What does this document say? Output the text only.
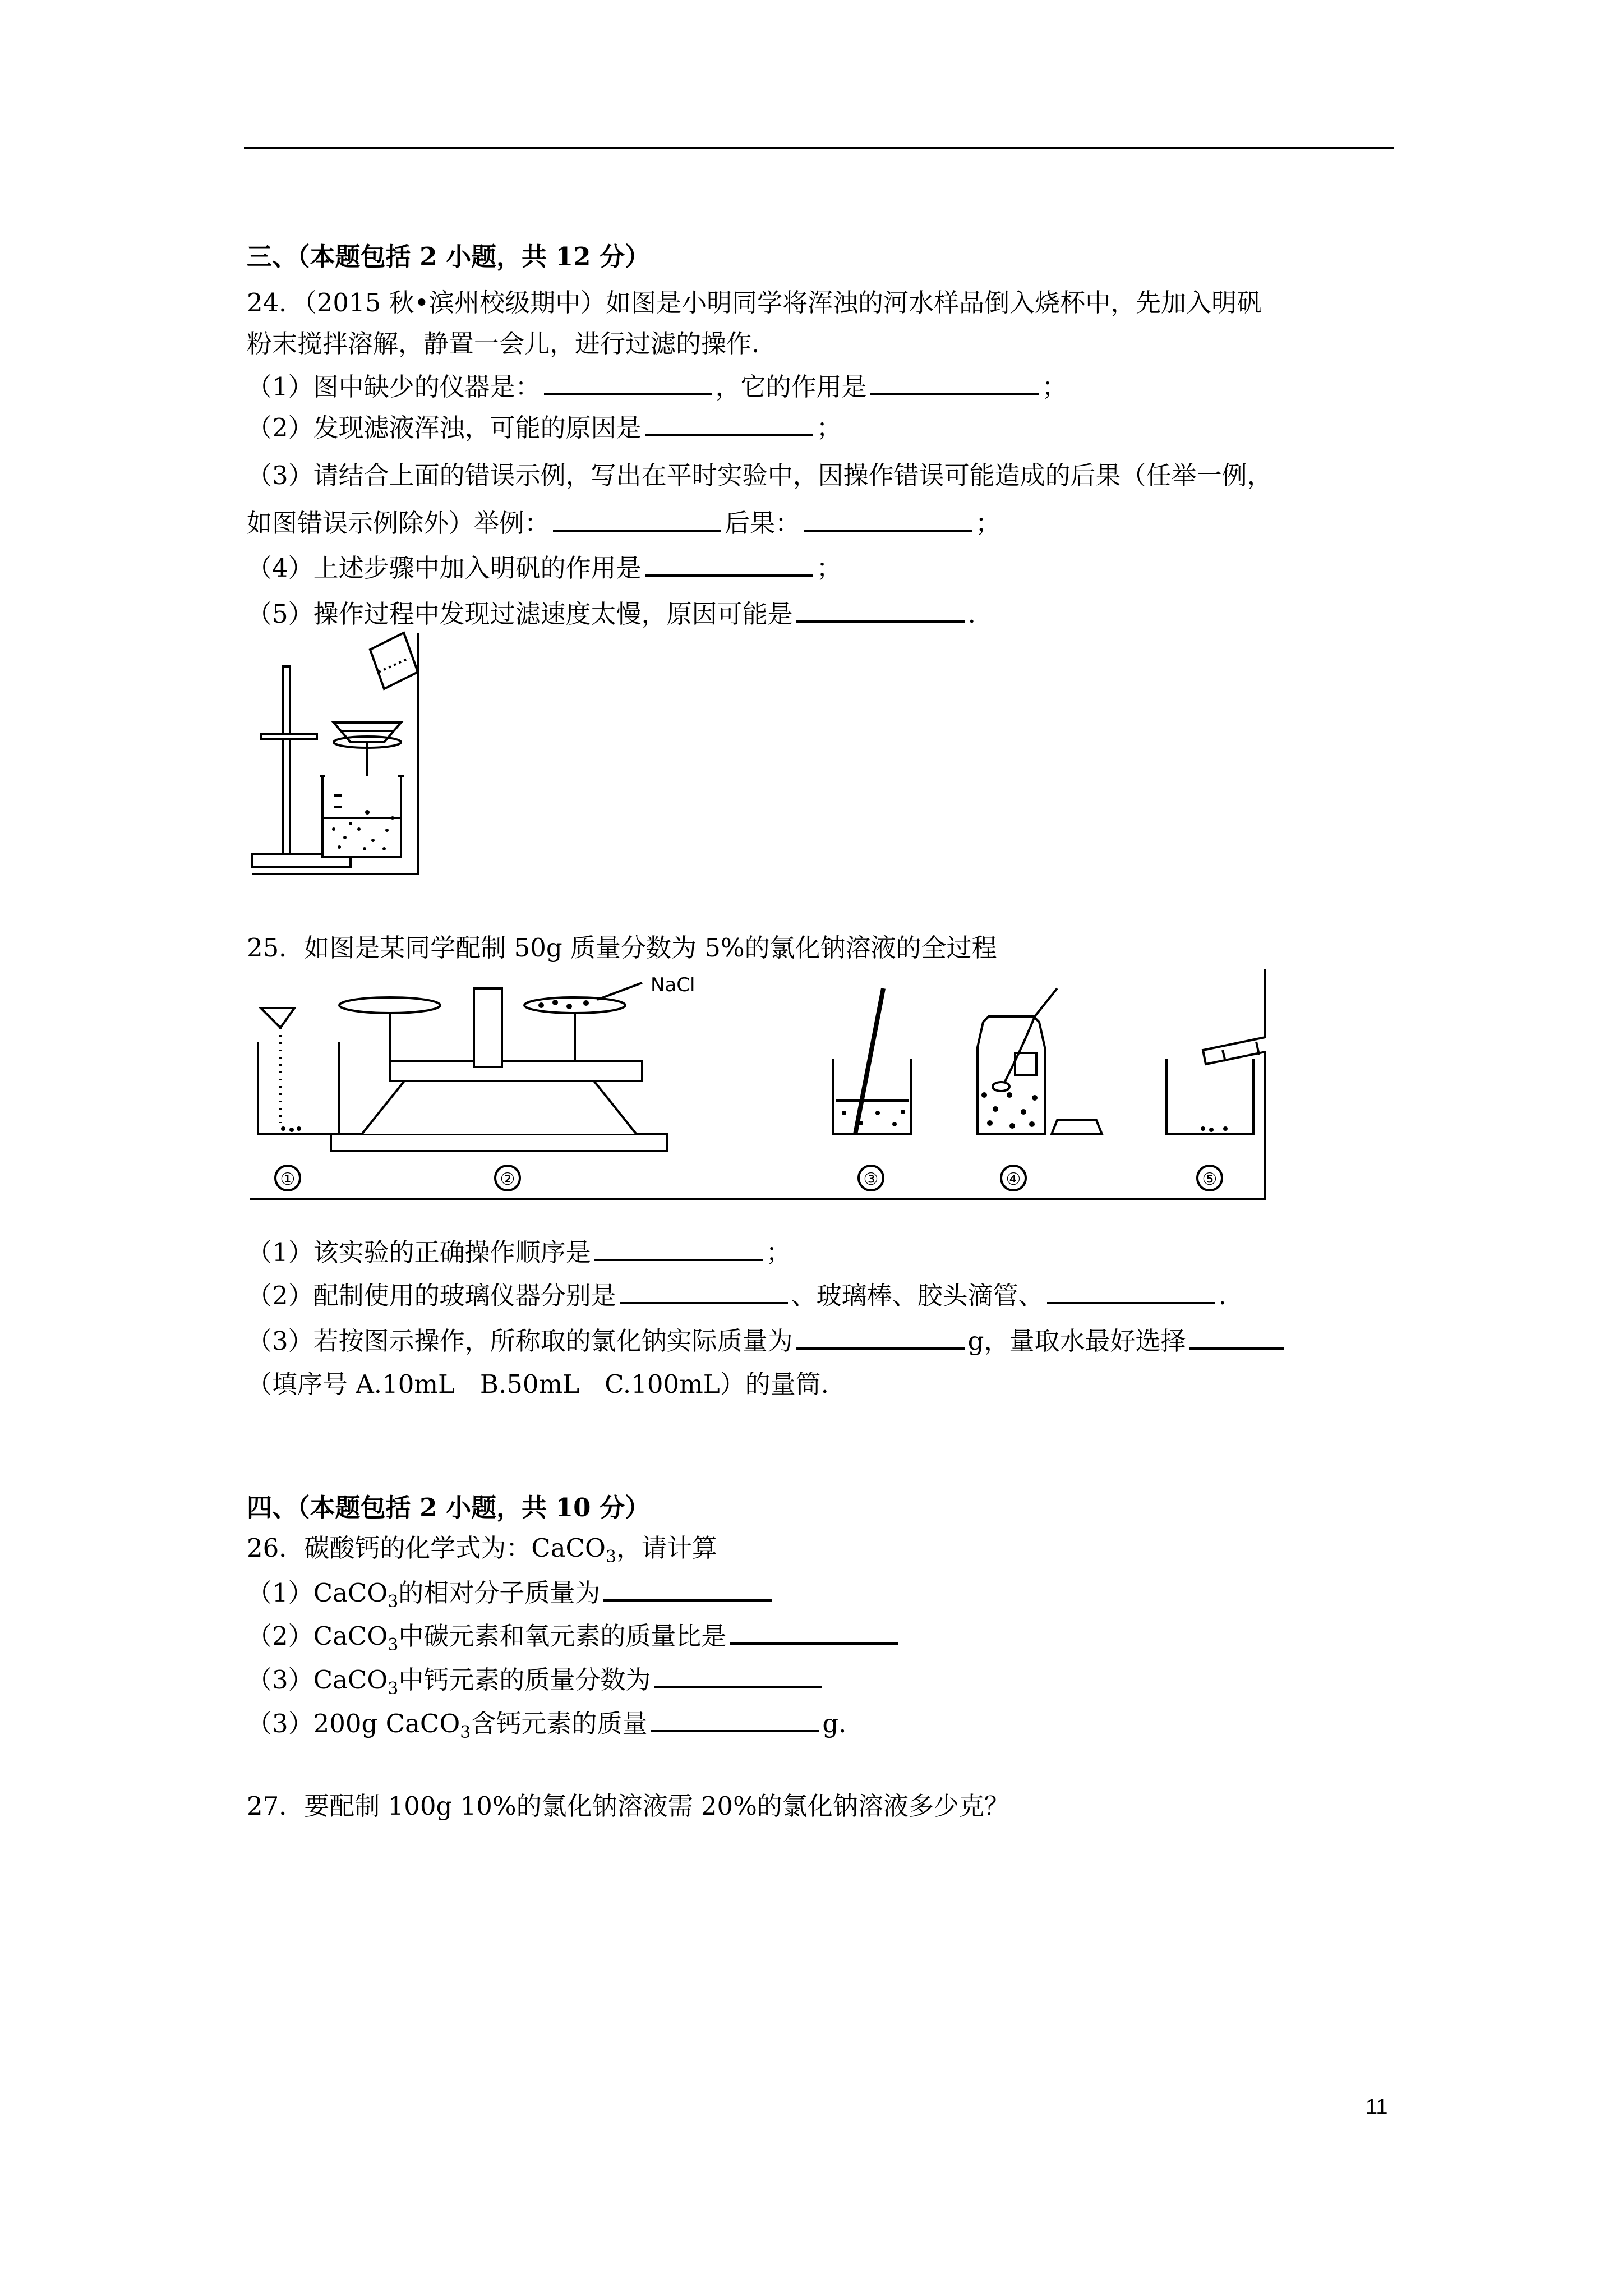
三、（本题包括 2 小题，共 12 分）
24．（2015 秋•滨州校级期中）如图是小明同学将浑浊的河水样品倒入烧杯中，先加入明矾
粉末搅拌溶解，静置一会儿，进行过滤的操作.
（1）图中缺少的仪器是：	，它的作用是	；
（2）发现滤液浑浊，可能的原因是	；
（3）请结合上面的错误示例，写出在平时实验中，因操作错误可能造成的后果（任举一例，
如图错误示例除外）举例：	后果：	；
（4）上述步骤中加入明矾的作用是	；
（5）操作过程中发现过滤速度太慢，原因可能是	.
25．如图是某同学配制 50g 质量分数为 5%的氯化钠溶液的全过程
①	②	③	④	⑤
NaCl
（1）该实验的正确操作顺序是	；
（2）配制使用的玻璃仪器分别是	、玻璃棒、胶头滴管、	.
（3）若按图示操作，所称取的氯化钠实际质量为	g，量取水最好选择
（填序号 A.10mL　B.50mL　C.100mL）的量筒.
四、（本题包括 2 小题，共 10 分）
26．碳酸钙的化学式为：CaCO$_3$，请计算
（1）CaCO$_3$的相对分子质量为
（2）CaCO$_3$中碳元素和氧元素的质量比是
（3）CaCO$_3$中钙元素的质量分数为
（3）200g CaCO$_3$含钙元素的质量	g.
27．要配制 100g 10%的氯化钠溶液需 20%的氯化钠溶液多少克？
11
